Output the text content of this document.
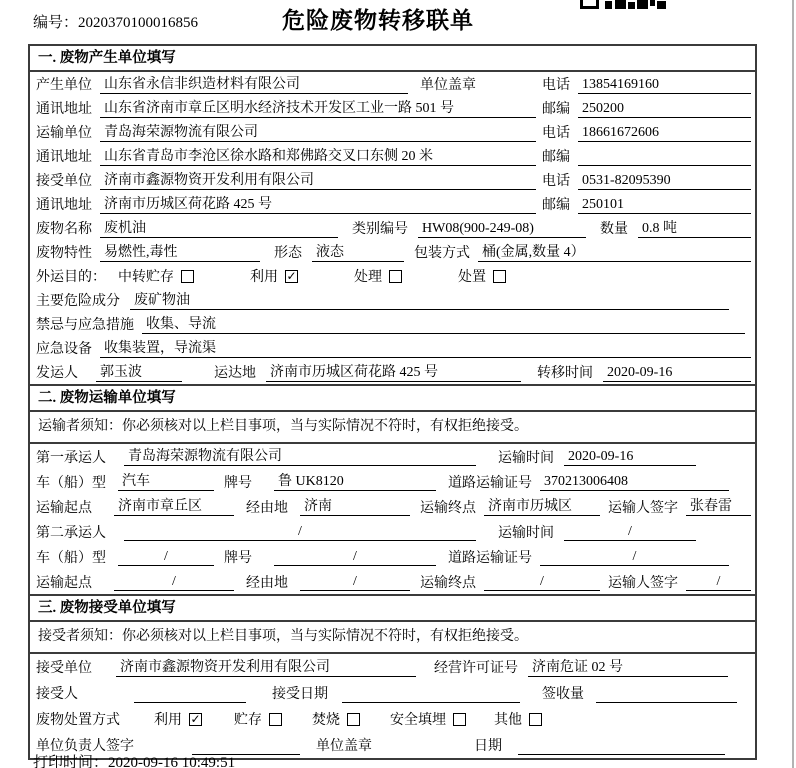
编号：2020370100016856	危险废物转移联单
一. 废物产生单位填写
产生单位 山东省永信非织造材料有限公司	单位盖章	电话 13854169160
通讯地址 山东省济南市章丘区明水经济技术开发区工业一路 501 号	邮编 250200
运输单位 青岛海荣源物流有限公司	电话 18661672606
通讯地址 山东省青岛市李沧区徐水路和郑佛路交叉口东侧 20 米	邮编
接受单位 济南市鑫源物资开发利用有限公司	电话 0531-82095390
通讯地址 济南市历城区荷花路 425 号	邮编 250101
废物名称 废机油	类别编号 HW08(900-249-08)	数量 0.8 吨
废物特性 易燃性,毒性	形态 液态	包装方式 桶(金属,数量 4）
外运目的： 中转贮存	利用 ✓	处理	处置
主要危险成分 废矿物油
禁忌与应急措施 收集、导流
应急设备 收集装置，导流渠
发运人 郭玉波	运达地 济南市历城区荷花路 425 号	转移时间 2020-09-16
二. 废物运输单位填写
运输者须知：你必须核对以上栏目事项，当与实际情况不符时，有权拒绝接受。
第一承运人 青岛海荣源物流有限公司	运输时间 2020-09-16
车（船）型 汽车	牌号 鲁 UK8120	道路运输证号 370213006408
运输起点 济南市章丘区	经由地 济南	运输终点 济南市历城区	运输人签字 张春雷
第二承运人	/	运输时间	/
车（船）型	/	牌号	/	道路运输证号	/
运输起点	/	经由地	/	运输终点	/	运输人签字	/
三. 废物接受单位填写
接受者须知：你必须核对以上栏目事项，当与实际情况不符时，有权拒绝接受。
接受单位 济南市鑫源物资开发利用有限公司	经营许可证号 济南危证 02 号
接受人	接受日期	签收量
废物处置方式 利用 ✓ 贮存	焚烧	安全填埋	其他
单位负责人签字	单位盖章	日期
打印时间：2020-09-16 10:49:51
